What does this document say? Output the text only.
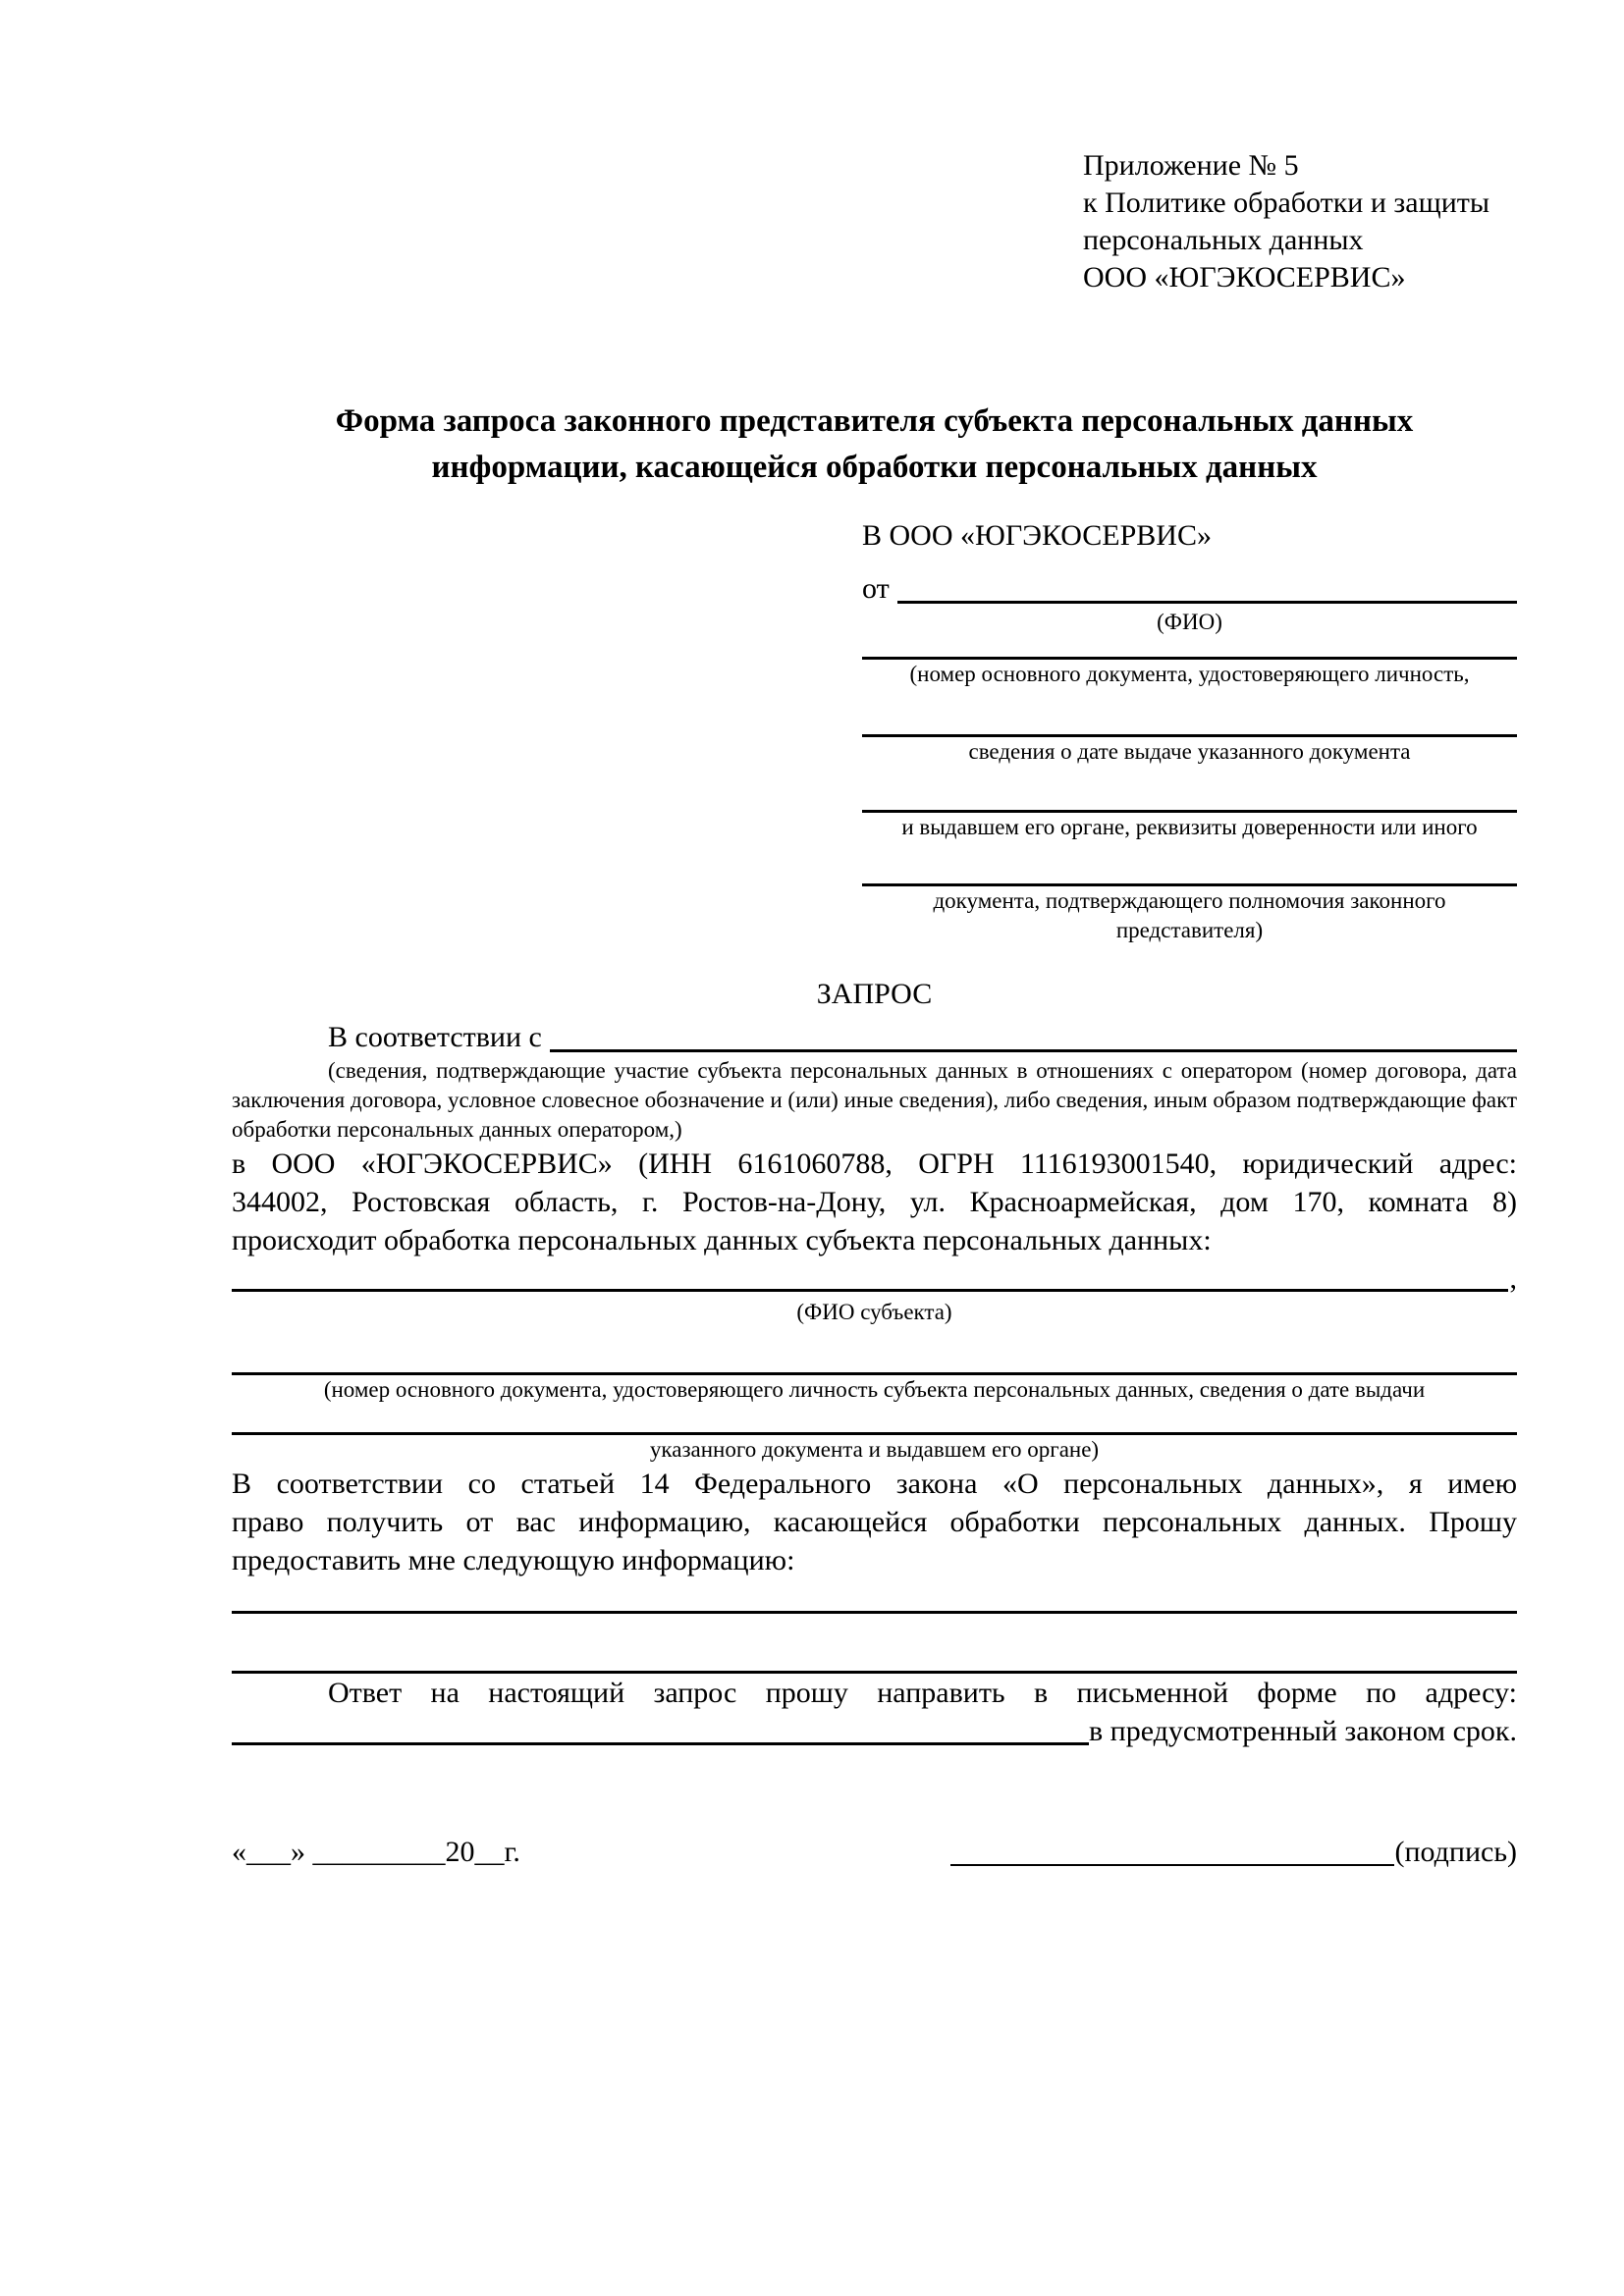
Приложение № 5
к Политике обработки и защиты
персональных данных
ООО «ЮГЭКОСЕРВИС»
Форма запроса законного представителя субъекта персональных данных
информации, касающейся обработки персональных данных
В ООО «ЮГЭКОСЕРВИС»
от
(ФИО)
(номер основного документа, удостоверяющего личность,
сведения о дате выдаче указанного документа
и выдавшем его органе, реквизиты доверенности или иного
документа, подтверждающего полномочия законного представителя)
ЗАПРОС
В соответствии с
(сведения, подтверждающие участие субъекта персональных данных в отношениях с оператором (номер договора, дата
заключения договора, условное словесное обозначение и (или) иные сведения), либо сведения, иным образом подтверждающие факт
обработки персональных данных оператором,)
в ООО «ЮГЭКОСЕРВИС» (ИНН 6161060788, ОГРН 1116193001540, юридический адрес:
344002, Ростовская область, г. Ростов-на-Дону, ул. Красноармейская, дом 170, комната 8)
происходит обработка персональных данных субъекта персональных данных:
,
(ФИО субъекта)
(номер основного документа, удостоверяющего личность субъекта персональных данных, сведения о дате выдачи
указанного документа и выдавшем его органе)
В соответствии со статьей 14 Федерального закона «О персональных данных», я имею
право получить от вас информацию, касающейся обработки персональных данных. Прошу
предоставить мне следующую информацию:
Ответ на настоящий запрос прошу направить в письменной форме по адресу:
в предусмотренный законом срок.
«___» _________20__г.	(подпись)
